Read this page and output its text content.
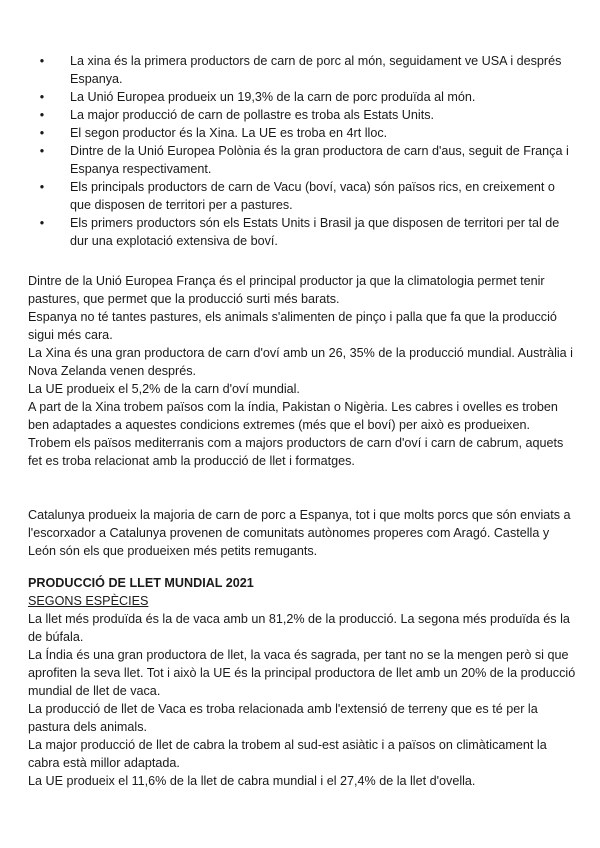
• La xina és la primera productors de carn de porc al món, seguidament ve USA i després Espanya.
• La Unió Europea produeix un 19,3% de la carn de porc produïda al món.
• La major producció de carn de pollastre es troba als Estats Units.
• El segon productor és la Xina. La UE es troba en 4rt lloc.
• Dintre de la Unió Europea Polònia és la gran productora de carn d'aus, seguit de França i Espanya respectivament.
• Els principals productors de carn de Vacu (boví, vaca) són països rics, en creixement o que disposen de territori per a pastures.
• Els primers productors són els Estats Units i Brasil ja que disposen de territori per tal de dur una explotació extensiva de boví.

Dintre de la Unió Europea França és el principal productor ja que la climatologia permet tenir pastures, que permet que la producció surti més barats.

Espanya no té tantes pastures, els animals s'alimenten de pinço i palla que fa que la producció sigui més cara.

La Xina és una gran productora de carn d'oví amb un 26, 35% de la producció mundial. Austràlia i Nova Zelanda venen després.

La UE produeix el 5,2% de la carn d'oví mundial.

A part de la Xina trobem països com la índia, Pakistan o Nigèria. Les cabres i ovelles es troben ben adaptades a aquestes condicions extremes (més que el boví) per això es produeixen.

Trobem els països mediterranis com a majors productors de carn d'oví i carn de cabrum, aquets fet es troba relacionat amb la producció de llet i formatges.

Catalunya produeix la majoria de carn de porc a Espanya, tot i que molts porcs que són enviats a l'escorxador a Catalunya provenen de comunitats autònomes properes com Aragó. Castella y León són els que produeixen més petits remugants.

PRODUCCIÓ DE LLET MUNDIAL 2021

SEGONS ESPÈCIES

La llet més produïda és la de vaca amb un 81,2% de la producció. La segona més produïda és la de búfala.

La Índia és una gran productora de llet, la vaca és sagrada, per tant no se la mengen però si que aprofiten la seva llet. Tot i això la UE és la principal productora de llet amb un 20% de la producció mundial de llet de vaca.

La producció de llet de Vaca es troba relacionada amb l'extensió de terreny que es té per la pastura dels animals.

La major producció de llet de cabra la trobem al sud-est asiàtic i a països on climàticament la cabra està millor adaptada.

La UE produeix el 11,6% de la llet de cabra mundial i el 27,4% de la llet d'ovella.
